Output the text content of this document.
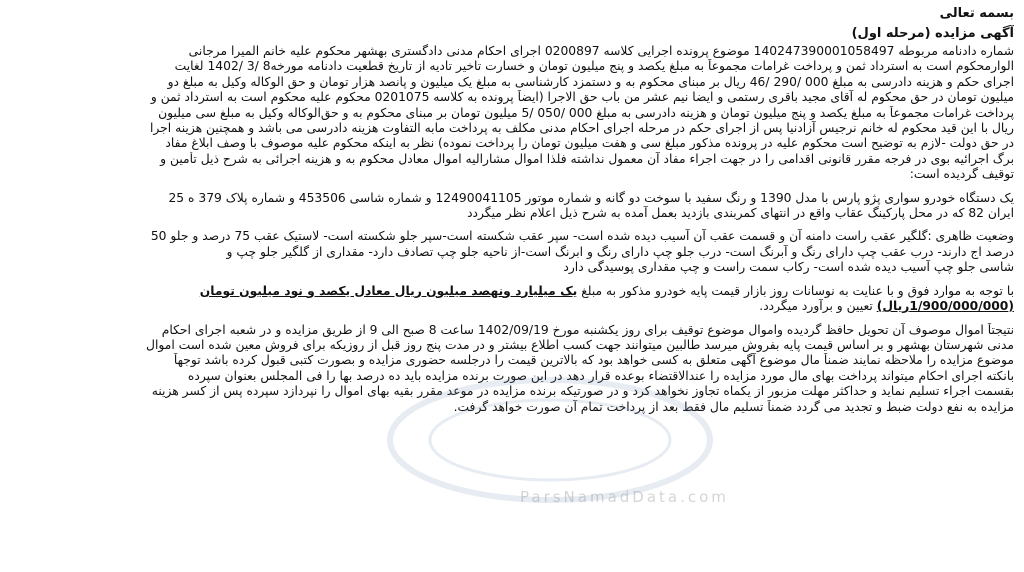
بسمه تعالی
آگهی مزایده (مرحله اول)
شماره دادنامه مربوطه 140247390001058497 موضوع پرونده اجرایی کلاسه 0200897 اجرای احکام مدنی دادگستری بهشهر محکوم علیه خانم المیرا مرجانی
الوارمحکوم است به استرداد ثمن و پرداخت غرامات مجموعاً به مبلغ یکصد و پنج میلیون تومان و خسارت تاخیر تادیه از تاریخ قطعیت دادنامه مورخه8 /3 /1402 لغایت
اجرای حکم و هزینه دادرسی به مبلغ 000 /290 /46 ریال بر مبنای محکوم به و دستمزد کارشناسی به مبلغ یک میلیون و پانصد هزار تومان و حق الوکاله وکیل به مبلغ دو
میلیون تومان در حق محکوم له آقای مجید باقری رستمی و ایضا نیم عشر من باب حق الاجرا (ایضاً پرونده به کلاسه 0201075 محکوم علیه محکوم است به استرداد ثمن و
پرداخت غرامات مجموعاً به مبلغ یکصد و پنج میلیون تومان و هزینه دادرسی به مبلغ 000 /050 /5 میلیون تومان بر مبنای محکوم به و حق‌الوکاله وکیل به مبلغ سی میلیون
ریال با این قید محکوم له خانم نرجیس آزادنیا پس از اجرای حکم در مرحله اجرای احکام مدنی مکلف به پرداخت مابه التفاوت هزینه دادرسی می باشد و همچنین هزینه اجرا
در حق دولت -لازم به توضیح است محکوم علیه در پرونده مذکور مبلغ سی و هفت میلیون تومان را پرداخت نموده) نظر به اینکه محکوم علیه موصوف با وصف ابلاغ مفاد
برگ اجرائیه بوی در فرجه مقرر قانونی اقدامی را در جهت اجراء مفاد آن معمول نداشته فلذا اموال مشارالیه اموال معادل محکوم به و هزینه اجرائی به شرح ذیل تأمین و
توقیف گردیده است:
یک دستگاه خودرو سواری پژو پارس با مدل 1390 و رنگ سفید با سوخت دو گانه و شماره موتور 12490041105 و شماره شاسی 453506 و شماره پلاک 379 ه 25
ایران 82 که در محل پارکینگ عقاب واقع در انتهای کمربندی بازدید بعمل آمده به شرح ذیل اعلام نظر میگردد
وضعیت ظاهری :گلگیر عقب راست دامنه آن و قسمت عقب آن آسیب دیده شده است- سپر عقب شکسته است-سپر جلو شکسته است- لاستیک عقب 75 درصد و جلو 50
درصد اج دارند- درب عقب چپ دارای رنگ و آبرنگ است- درب جلو چپ دارای رنگ و ابرنگ است-از ناحیه جلو چپ تصادف دارد- مقداری از گلگیر جلو چپ و
شاسی جلو چپ آسیب دیده شده است- رکاب سمت راست و چپ مقداری پوسیدگی دارد
با توجه به موارد فوق و با عنایت به نوسانات روز بازار قیمت پایه خودرو مذکور به مبلغ یک میلیارد ونهصد میلیون ریال معادل یکصد و نود میلیون تومان
(1/900/000/000ریال) تعیین و برآورد میگردد.
نتیجتاً اموال موصوف آن تحویل حافظ گردیده واموال موضوع توقیف برای روز یکشنبه مورخ 1402/09/19 ساعت 8 صبح الی 9 از طریق مزایده و در شعبه اجرای احکام
مدنی شهرستان بهشهر و بر اساس قیمت پایه بفروش میرسد طالبین میتوانند جهت کسب اطلاع بیشتر و در مدت پنج روز قبل از روزیکه برای فروش معین شده است اموال
موضوع مزایده را ملاحظه نمایند ضمناً مال موضوع آگهی متعلق به کسی خواهد بود که بالاترین قیمت را درجلسه حضوری مزایده و بصورت کتبی قبول کرده باشد توجهاً
بانکته اجرای احکام میتواند پرداخت بهای مال مورد مزایده را عندالاقتضاء بوعده قرار دهد در این صورت برنده مزایده باید ده درصد بها را فی المجلس بعنوان سپرده
بقسمت اجراء تسلیم نماید و حداکثر مهلت مزبور از یکماه تجاوز نخواهد کرد و در صورتیکه برنده مزایده در موعد مقرر بقیه بهای اموال را نپردازد سپرده پس از کسر هزینه
مزایده به نفع دولت ضبط و تجدید می گردد ضمناً تسلیم مال فقط بعد از پرداخت تمام آن صورت خواهد گرفت.
ParsNamadData.com
